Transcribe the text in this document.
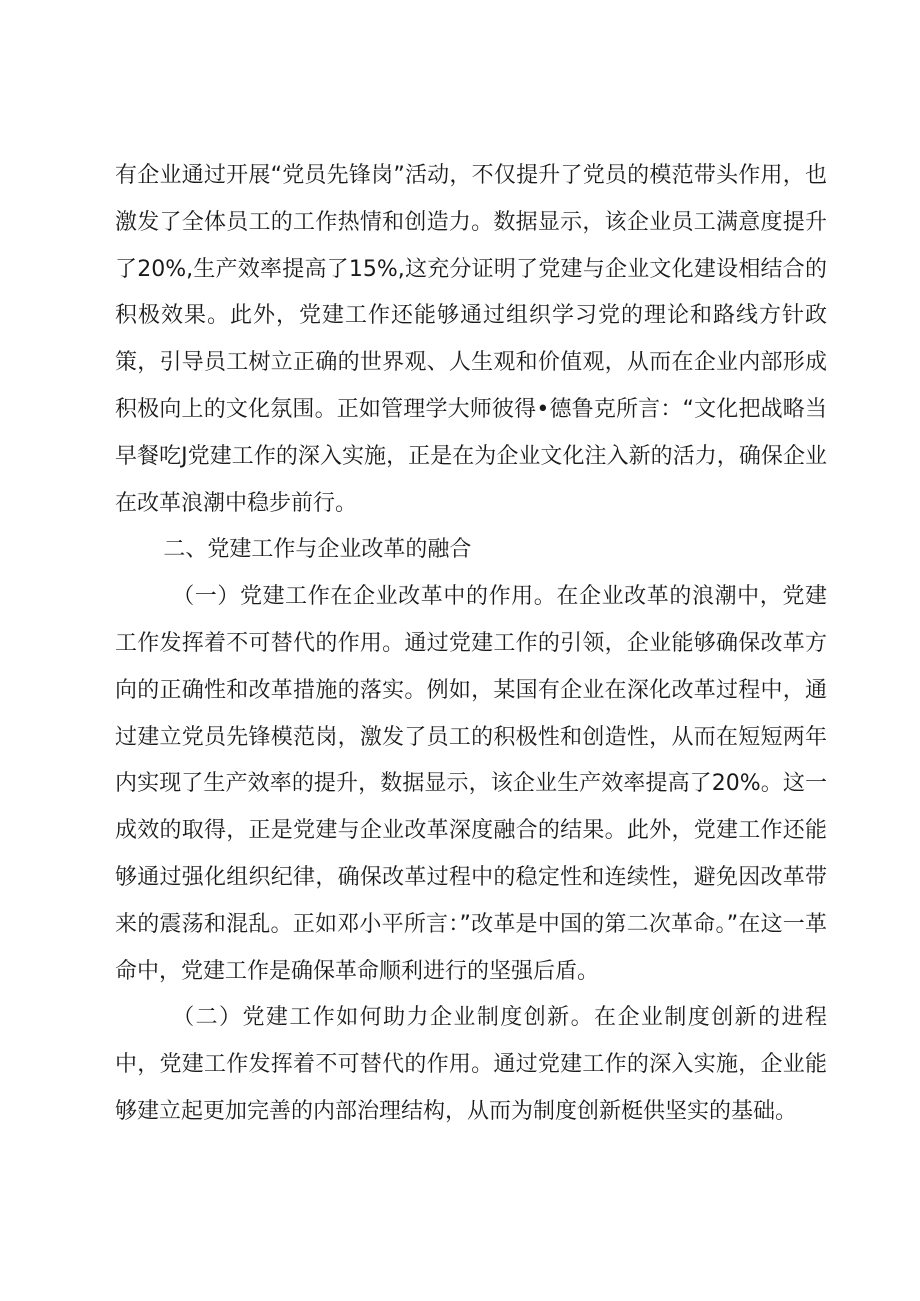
有企业通过开展“党员先锋岗”活动，不仅提升了党员的模范带头作用，也激发了全体员工的工作热情和创造力。数据显示，该企业员工满意度提升了20%,生产效率提高了15%,这充分证明了党建与企业文化建设相结合的积极效果。此外，党建工作还能够通过组织学习党的理论和路线方针政策，引导员工树立正确的世界观、人生观和价值观，从而在企业内部形成积极向上的文化氛围。正如管理学大师彼得•德鲁克所言：“文化把战略当早餐吃J党建工作的深入实施，正是在为企业文化注入新的活力，确保企业在改革浪潮中稳步前行。

二、党建工作与企业改革的融合

（一）党建工作在企业改革中的作用。在企业改革的浪潮中，党建工作发挥着不可替代的作用。通过党建工作的引领，企业能够确保改革方向的正确性和改革措施的落实。例如，某国有企业在深化改革过程中，通过建立党员先锋模范岗，激发了员工的积极性和创造性，从而在短短两年内实现了生产效率的提升，数据显示，该企业生产效率提高了20%。这一成效的取得，正是党建与企业改革深度融合的结果。此外，党建工作还能够通过强化组织纪律，确保改革过程中的稳定性和连续性，避免因改革带来的震荡和混乱。正如邓小平所言：”改革是中国的第二次革命。”在这一革命中，党建工作是确保革命顺利进行的坚强后盾。

（二）党建工作如何助力企业制度创新。在企业制度创新的进程中，党建工作发挥着不可替代的作用。通过党建工作的深入实施，企业能够建立起更加完善的内部治理结构，从而为制度创新梃供坚实的基础。
